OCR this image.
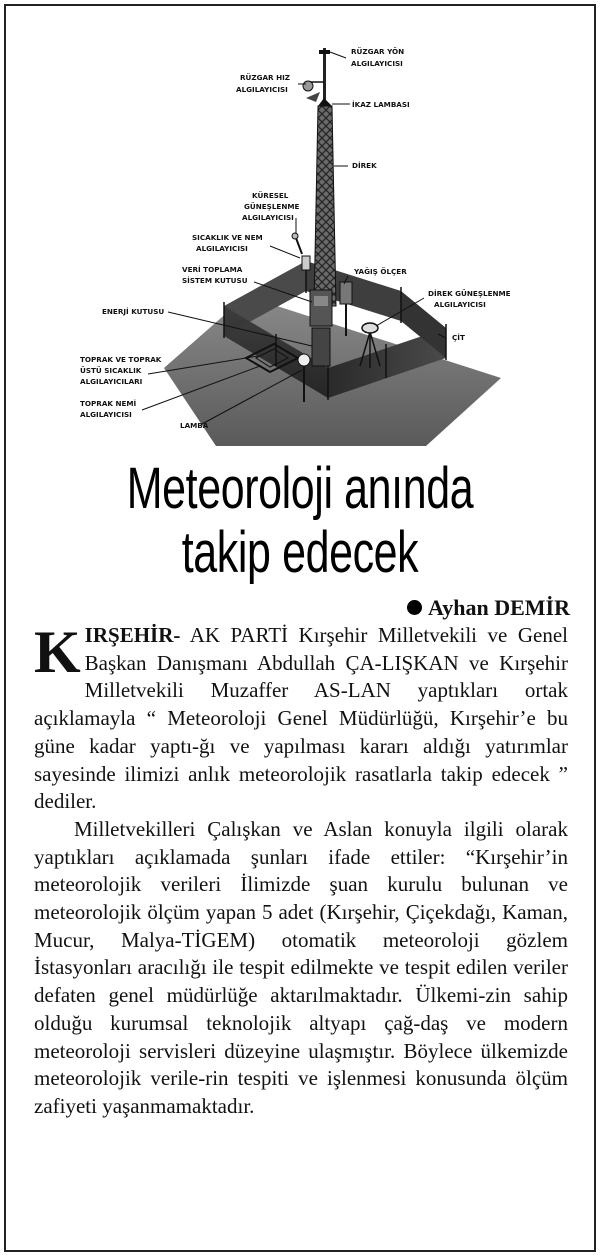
RÜZGAR YÖN
ALGILAYICISI
RÜZGAR HIZ
ALGILAYICISI
İKAZ LAMBASI
DİREK
KÜRESEL
GÜNEŞLENME
ALGILAYICISI
SICAKLIK VE NEM
ALGILAYICISI
VERİ TOPLAMA
SİSTEM KUTUSU
YAĞIŞ ÖLÇER
DİREK GÜNEŞLENME
ALGILAYICISI
ENERJİ KUTUSU
ÇİT
TOPRAK VE TOPRAK
ÜSTÜ SICAKLIK
ALGILAYICILARI
TOPRAK NEMİ
ALGILAYICISI
LAMBA
Meteoroloji anında
takip edecek
Ayhan DEMİR

KIRŞEHİR- AK PARTİ Kırşehir Milletvekili ve Genel Başkan Danışmanı Abdullah ÇA-LIŞKAN ve Kırşehir Milletvekili Muzaffer AS-LAN yaptıkları ortak açıklamayla “ Meteoroloji Genel Müdürlüğü, Kırşehir’e bu güne kadar yaptı-ğı ve yapılması kararı aldığı yatırımlar sayesinde ilimizi anlık meteorolojik rasatlarla takip edecek ” dediler.

Milletvekilleri Çalışkan ve Aslan konuyla ilgili olarak yaptıkları açıklamada şunları ifade ettiler: “Kırşehir’in meteorolojik verileri İlimizde şuan kurulu bulunan ve meteorolojik ölçüm yapan 5 adet (Kırşehir, Çiçekdağı, Kaman, Mucur, Malya-TİGEM) otomatik meteoroloji gözlem İstasyonları aracılığı ile tespit edilmekte ve tespit edilen veriler defaten genel müdürlüğe aktarılmaktadır. Ülkemi-zin sahip olduğu kurumsal teknolojik altyapı çağ-daş ve modern meteoroloji servisleri düzeyine ulaşmıştır. Böylece ülkemizde meteorolojik verile-rin tespiti ve işlenmesi konusunda ölçüm zafiyeti yaşanmamaktadır.
